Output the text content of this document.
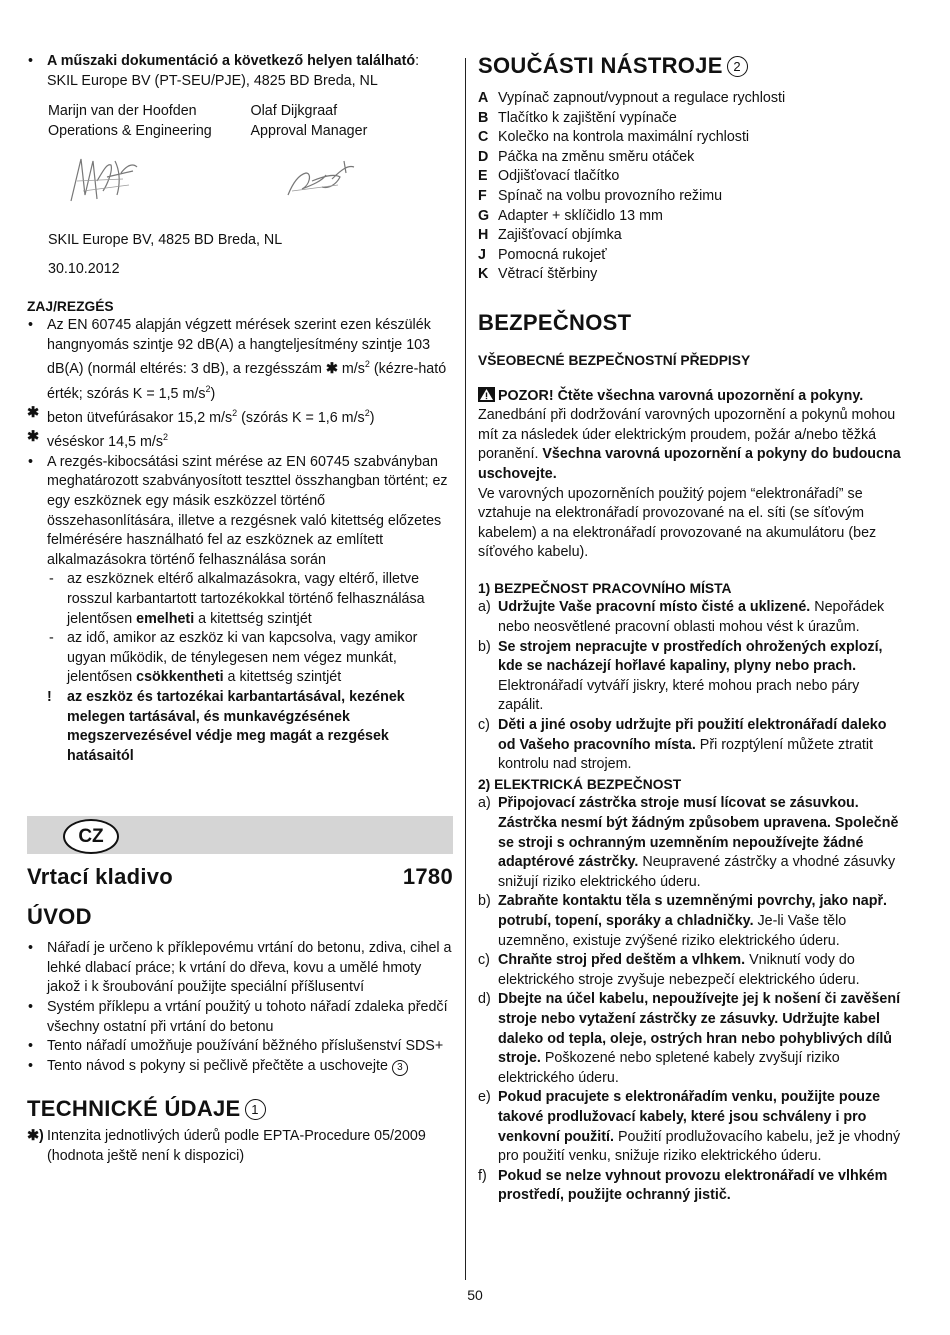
• A műszaki dokumentáció a következő helyen található: SKIL Europe BV (PT-SEU/PJE), 4825 BD Breda, NL

Marijn van der Hoofden

Operations & Engineering

Olaf Dijkgraaf

Approval Manager

SKIL Europe BV, 4825 BD Breda, NL

30.10.2012

ZAJ/REZGÉS

• Az EN 60745 alapján végzett mérések szerint ezen készülék hangnyomás szintje 92 dB(A) a hangteljesítmény szintje 103 dB(A) (normál eltérés: 3 dB), a rezgésszám ✱ $m/s^2$ (kézre-ható érték; szórás K = 1,5 $m/s^2$)

✱ beton ütvefúrásakor 15,2 $m/s^2$ (szórás K = 1,6 $m/s^2$)

✱ véséskor 14,5 $m/s^2$

• A rezgés-kibocsátási szint mérése az EN 60745 szabványban meghatározott szabványosított teszttel összhangban történt; ez egy eszköznek egy másik eszközzel történő összehasonlítására, illetve a rezgésnek való kitettség előzetes felmérésére használható fel az eszköznek az említett alkalmazásokra történő felhasználása során

- az eszköznek eltérő alkalmazásokra, vagy eltérő, illetve rosszul karbantartott tartozékokkal történő felhasználása jelentősen emelheti a kitettség szintjét

- az idő, amikor az eszköz ki van kapcsolva, vagy amikor ugyan működik, de ténylegesen nem végez munkát, jelentősen csökkentheti a kitettség szintjét

! az eszköz és tartozékai karbantartásával, kezének melegen tartásával, és munkavégzésének megszervezésével védje meg magát a rezgések hatásaitól

CZ
Vrtací kladivo	1780

ÚVOD

• Nářadí je určeno k příklepovému vrtání do betonu, zdiva, cihel a lehké dlabací práce; k vrtání do dřeva, kovu a umělé hmoty jakož i k šroubování použijte speciální příšlusentví

• Systém příklepu a vrtání použitý u tohoto nářadí zdaleka předčí všechny ostatní při vrtání do betonu

• Tento nářadí umožňuje používání běžného příslušenství SDS+

• Tento návod s pokyny si pečlivě přečtěte a uschovejte 3

TECHNICKÉ ÚDAJE 1

✱) Intenzita jednotlivých úderů podle EPTA-Procedure 05/2009 (hodnota ještě není k dispozici)

SOUČÁSTI NÁSTROJE 2

A Vypínač zapnout/vypnout a regulace rychlosti
B Tlačítko k zajištění vypínače
C Kolečko na kontrola maximální rychlosti
D Páčka na změnu směru otáček
E Odjišťovací tlačítko
F Spínač na volbu provozního režimu
G Adapter + sklíčidlo 13 mm
H Zajišťovací objímka
J Pomocná rukojeť
K Větrací štěrbiny

BEZPEČNOST

VŠEOBECNÉ BEZPEČNOSTNÍ PŘEDPISY

POZOR! Čtěte všechna varovná upozornění a pokyny. Zanedbání při dodržování varovných upozornění a pokynů mohou mít za následek úder elektrickým proudem, požár a/nebo těžká poranění. Všechna varovná upozornění a pokyny do budoucna uschovejte.

Ve varovných upozorněních použitý pojem “elektronářadí” se vztahuje na elektronářadí provozované na el. síti (se síťovým kabelem) a na elektronářadí provozované na akumulátoru (bez síťového kabelu).

1) BEZPEČNOST PRACOVNÍHO MÍSTA

a) Udržujte Vaše pracovní místo čisté a uklizené. Nepořádek nebo neosvětlené pracovní oblasti mohou vést k úrazům.

b) Se strojem nepracujte v prostředích ohrožených explozí, kde se nacházejí hořlavé kapaliny, plyny nebo prach. Elektronářadí vytváří jiskry, které mohou prach nebo páry zapálit.

c) Děti a jiné osoby udržujte při použití elektronářadí daleko od Vašeho pracovního místa. Při rozptýlení můžete ztratit kontrolu nad strojem.

2) ELEKTRICKÁ BEZPEČNOST

a) Připojovací zástrčka stroje musí lícovat se zásuvkou. Zástrčka nesmí být žádným způsobem upravena. Společně se stroji s ochranným uzemněním nepoužívejte žádné adaptérové zástrčky. Neupravené zástrčky a vhodné zásuvky snižují riziko elektrického úderu.

b) Zabraňte kontaktu těla s uzemněnými povrchy, jako např. potrubí, topení, sporáky a chladničky. Je-li Vaše tělo uzemněno, existuje zvýšené riziko elektrického úderu.

c) Chraňte stroj před deštěm a vlhkem. Vniknutí vody do elektrického stroje zvyšuje nebezpečí elektrického úderu.

d) Dbejte na účel kabelu, nepoužívejte jej k nošení či zavěšení stroje nebo vytažení zástrčky ze zásuvky. Udržujte kabel daleko od tepla, oleje, ostrých hran nebo pohyblivých dílů stroje. Poškozené nebo spletené kabely zvyšují riziko elektrického úderu.

e) Pokud pracujete s elektronářadím venku, použijte pouze takové prodlužovací kabely, které jsou schváleny i pro venkovní použití. Použití prodlužovacího kabelu, jež je vhodný pro použití venku, snižuje riziko elektrického úderu.

f) Pokud se nelze vyhnout provozu elektronářadí ve vlhkém prostředí, použijte ochranný jistič.

50
